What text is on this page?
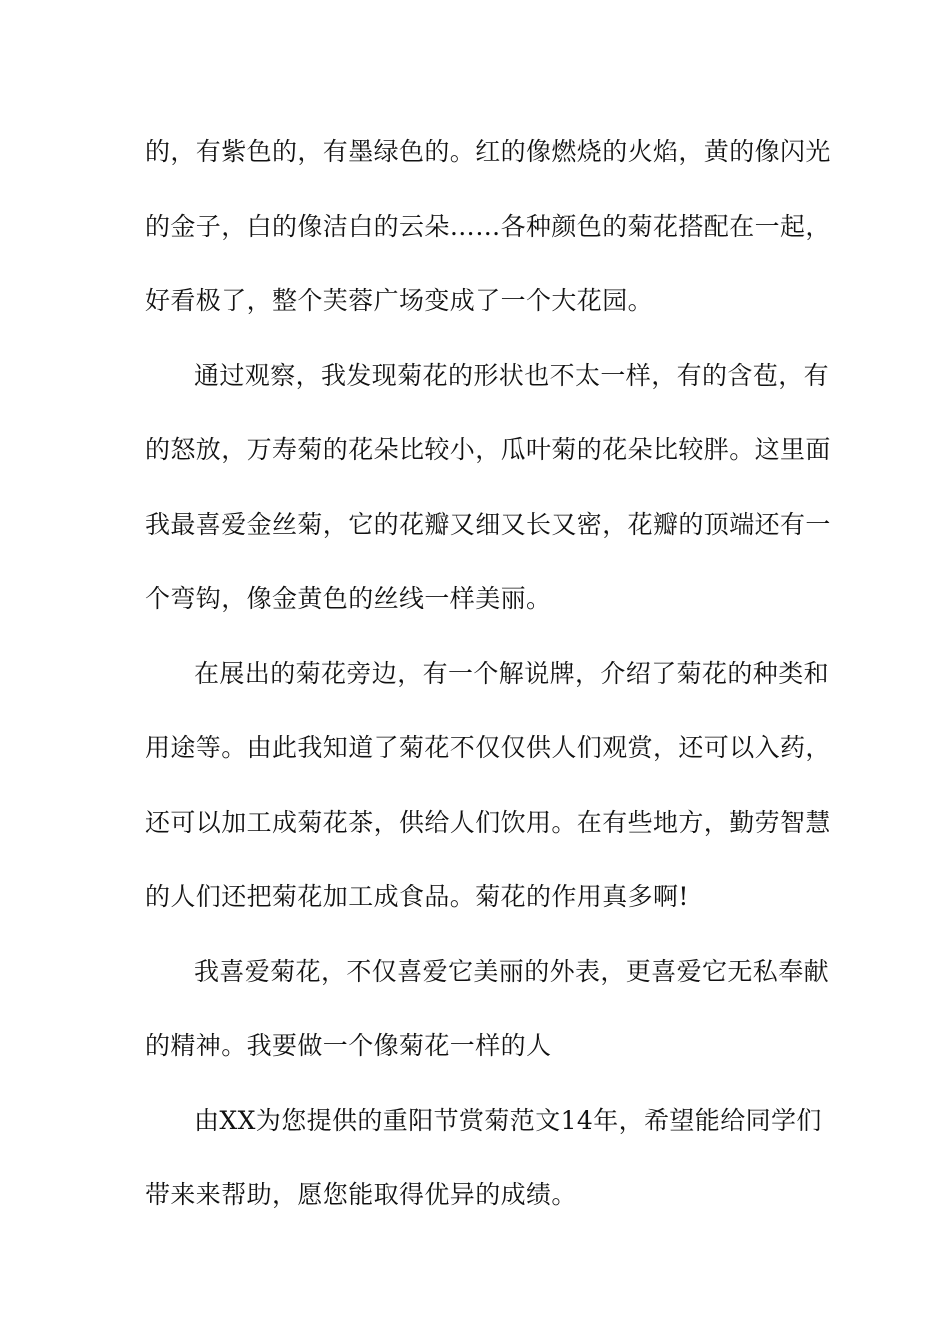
的，有紫色的，有墨绿色的。红的像燃烧的火焰，黄的像闪光
的金子，白的像洁白的云朵……各种颜色的菊花搭配在一起，
好看极了，整个芙蓉广场变成了一个大花园。
通过观察，我发现菊花的形状也不太一样，有的含苞，有
的怒放，万寿菊的花朵比较小，瓜叶菊的花朵比较胖。这里面
我最喜爱金丝菊，它的花瓣又细又长又密，花瓣的顶端还有一
个弯钩，像金黄色的丝线一样美丽。
在展出的菊花旁边，有一个解说牌，介绍了菊花的种类和
用途等。由此我知道了菊花不仅仅供人们观赏，还可以入药，
还可以加工成菊花茶，供给人们饮用。在有些地方，勤劳智慧
的人们还把菊花加工成食品。菊花的作用真多啊!
我喜爱菊花，不仅喜爱它美丽的外表，更喜爱它无私奉献
的精神。我要做一个像菊花一样的人
由XX为您提供的重阳节赏菊范文14年，希望能给同学们
带来来帮助，愿您能取得优异的成绩。
